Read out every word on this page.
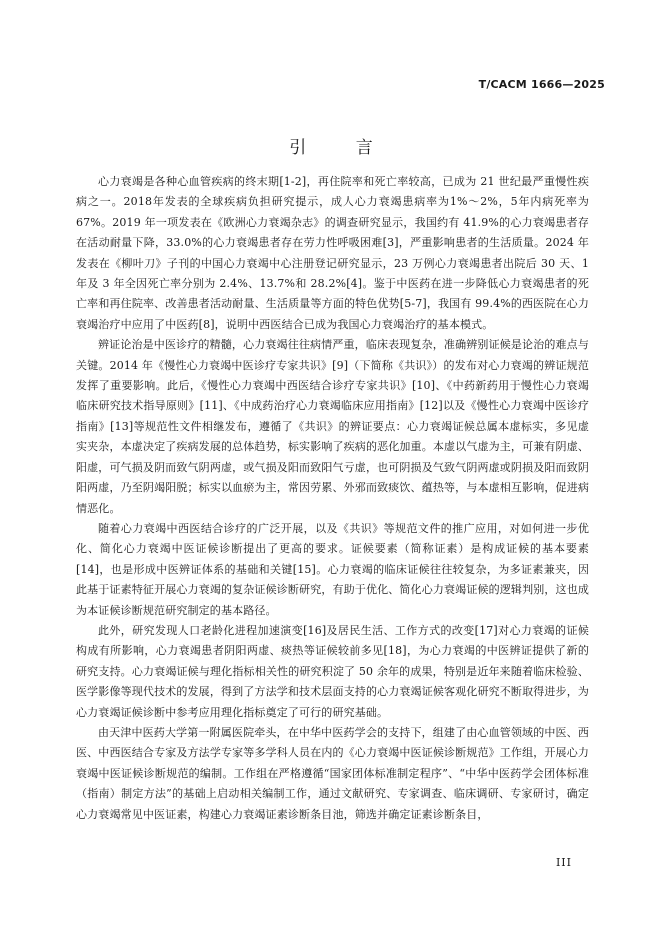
T/CACM 1666—2025
引 言

心力衰竭是各种心血管疾病的终末期[1-2]，再住院率和死亡率较高，已成为 21 世纪最严重慢性疾病之一。2018年发表的全球疾病负担研究提示，成人心力衰竭患病率为1%～2%，5年内病死率为67%。2019 年一项发表在《欧洲心力衰竭杂志》的调查研究显示，我国约有 41.9%的心力衰竭患者存在活动耐量下降，33.0%的心力衰竭患者存在劳力性呼吸困难[3]，严重影响患者的生活质量。2024 年发表在《柳叶刀》子刊的中国心力衰竭中心注册登记研究显示，23 万例心力衰竭患者出院后 30 天、1 年及 3 年全因死亡率分别为 2.4%、13.7%和 28.2%[4]。鉴于中医药在进一步降低心力衰竭患者的死亡率和再住院率、改善患者活动耐量、生活质量等方面的特色优势[5-7]，我国有 99.4%的西医院在心力衰竭治疗中应用了中医药[8]，说明中西医结合已成为我国心力衰竭治疗的基本模式。

辨证论治是中医诊疗的精髓，心力衰竭往往病情严重，临床表现复杂，准确辨别证候是论治的难点与关键。2014 年《慢性心力衰竭中医诊疗专家共识》[9]（下简称《共识》）的发布对心力衰竭的辨证规范发挥了重要影响。此后，《慢性心力衰竭中西医结合诊疗专家共识》[10]、《中药新药用于慢性心力衰竭临床研究技术指导原则》[11]、《中成药治疗心力衰竭临床应用指南》[12]以及《慢性心力衰竭中医诊疗指南》[13]等规范性文件相继发布，遵循了《共识》的辨证要点：心力衰竭证候总属本虚标实，多见虚实夹杂，本虚决定了疾病发展的总体趋势，标实影响了疾病的恶化加重。本虚以气虚为主，可兼有阴虚、阳虚，可气损及阴而致气阴两虚，或气损及阳而致阳气亏虚，也可阴损及气致气阴两虚或阴损及阳而致阴阳两虚，乃至阴竭阳脱；标实以血瘀为主，常因劳累、外邪而致痰饮、蕴热等，与本虚相互影响，促进病情恶化。

随着心力衰竭中西医结合诊疗的广泛开展，以及《共识》等规范文件的推广应用，对如何进一步优化、简化心力衰竭中医证候诊断提出了更高的要求。证候要素（简称证素）是构成证候的基本要素[14]，也是形成中医辨证体系的基础和关键[15]。心力衰竭的临床证候往往较复杂，为多证素兼夹，因此基于证素特征开展心力衰竭的复杂证候诊断研究，有助于优化、简化心力衰竭证候的逻辑判别，这也成为本证候诊断规范研究制定的基本路径。

此外，研究发现人口老龄化进程加速演变[16]及居民生活、工作方式的改变[17]对心力衰竭的证候构成有所影响，心力衰竭患者阴阳两虚、痰热等证候较前多见[18]，为心力衰竭的中医辨证提供了新的研究支持。心力衰竭证候与理化指标相关性的研究积淀了 50 余年的成果，特别是近年来随着临床检验、医学影像等现代技术的发展，得到了方法学和技术层面支持的心力衰竭证候客观化研究不断取得进步，为心力衰竭证候诊断中参考应用理化指标奠定了可行的研究基础。

由天津中医药大学第一附属医院牵头，在中华中医药学会的支持下，组建了由心血管领域的中医、西医、中西医结合专家及方法学专家等多学科人员在内的《心力衰竭中医证候诊断规范》工作组，开展心力衰竭中医证候诊断规范的编制。工作组在严格遵循“国家团体标准制定程序”、“中华中医药学会团体标准（指南）制定方法”的基础上启动相关编制工作，通过文献研究、专家调查、临床调研、专家研讨，确定心力衰竭常见中医证素，构建心力衰竭证素诊断条目池，筛选并确定证素诊断条目，

III
